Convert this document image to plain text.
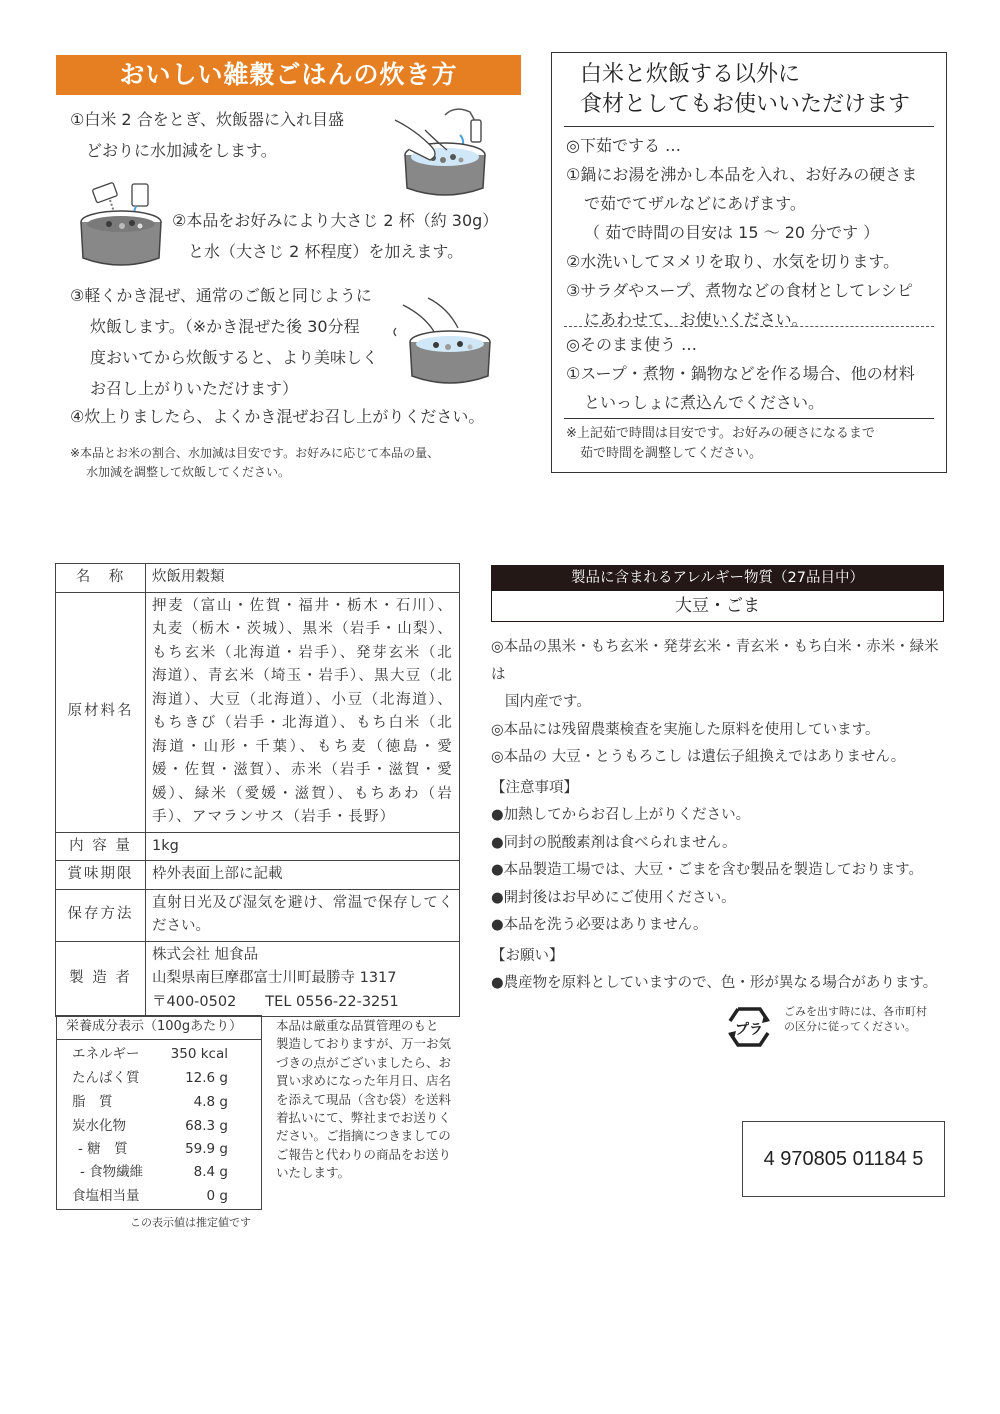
おいしい雑穀ごはんの炊き方
①白米 2 合をとぎ、炊飯器に入れ目盛
どおりに水加減をします。
②本品をお好みにより大さじ 2 杯（約 30g）
と水（大さじ 2 杯程度）を加えます。
③軽くかき混ぜ、通常のご飯と同じように
炊飯します。（※かき混ぜた後 30分程
度おいてから炊飯すると、より美味しく
お召し上がりいただけます）
④炊上りましたら、よくかき混ぜお召し上がりください。
※本品とお米の割合、水加減は目安です。お好みに応じて本品の量、
水加減を調整して炊飯してください。
白米と炊飯する以外に
食材としてもお使いいただけます
◎下茹でする …
①鍋にお湯を沸かし本品を入れ、お好みの硬さま
で茹でてザルなどにあげます。
（ 茹で時間の目安は 15 ～ 20 分です ）
②水洗いしてヌメリを取り、水気を切ります。
③サラダやスープ、煮物などの食材としてレシピ
にあわせて、お使いください。
◎そのまま使う …
①スープ・煮物・鍋物などを作る場合、他の材料
といっしょに煮込んでください。
※上記茹で時間は目安です。お好みの硬さになるまで
茹で時間を調整してください。
名　称	炊飯用穀類
原材料名	押麦（富山・佐賀・福井・栃木・石川）、丸麦（栃木・茨城）、黒米（岩手・山梨）、もち玄米（北海道・岩手）、発芽玄米（北海道）、青玄米（埼玉・岩手）、黒大豆（北海道）、大豆（北海道）、小豆（北海道）、もちきび（岩手・北海道）、もち白米（北海道・山形・千葉）、もち麦（徳島・愛媛・佐賀・滋賀）、赤米（岩手・滋賀・愛媛）、緑米（愛媛・滋賀）、もちあわ（岩手）、アマランサス（岩手・長野）
内 容 量	1kg
賞味期限	枠外表面上部に記載
保存方法	直射日光及び湿気を避け、常温で保存してください。
製 造 者	株式会社 旭食品
山梨県南巨摩郡富士川町最勝寺 1317
〒400-0502　　TEL 0556-22-3251
製品に含まれるアレルギー物質（27品目中）
大豆・ごま
◎本品の黒米・もち玄米・発芽玄米・青玄米・もち白米・赤米・緑米は
国内産です。
◎本品には残留農薬検査を実施した原料を使用しています。
◎本品の 大豆・とうもろこし は遺伝子組換えではありません。
【注意事項】
●加熱してからお召し上がりください。
●同封の脱酸素剤は食べられません。
●本品製造工場では、大豆・ごまを含む製品を製造しております。
●開封後はお早めにご使用ください。
●本品を洗う必要はありません。
【お願い】
●農産物を原料としていますので、色・形が異なる場合があります。
栄養成分表示（100gあたり）
エネルギー 350 kcal
たんぱく質	12.6 g
脂　質	4.8 g
炭水化物	68.3 g
- 糖　質	59.9 g
- 食物繊維	8.4 g
食塩相当量	0 g
この表示値は推定値です
本品は厳重な品質管理のもと
製造しておりますが、万一お気
づきの点がございましたら、お
買い求めになった年月日、店名
を添えて現品（含む袋）を送料
着払いにて、弊社までお送りく
ださい。ご指摘につきましての
ご報告と代わりの商品をお送り
いたします。
プラ
ごみを出す時には、各市町村
の区分に従ってください。
4 970805 01184 5
